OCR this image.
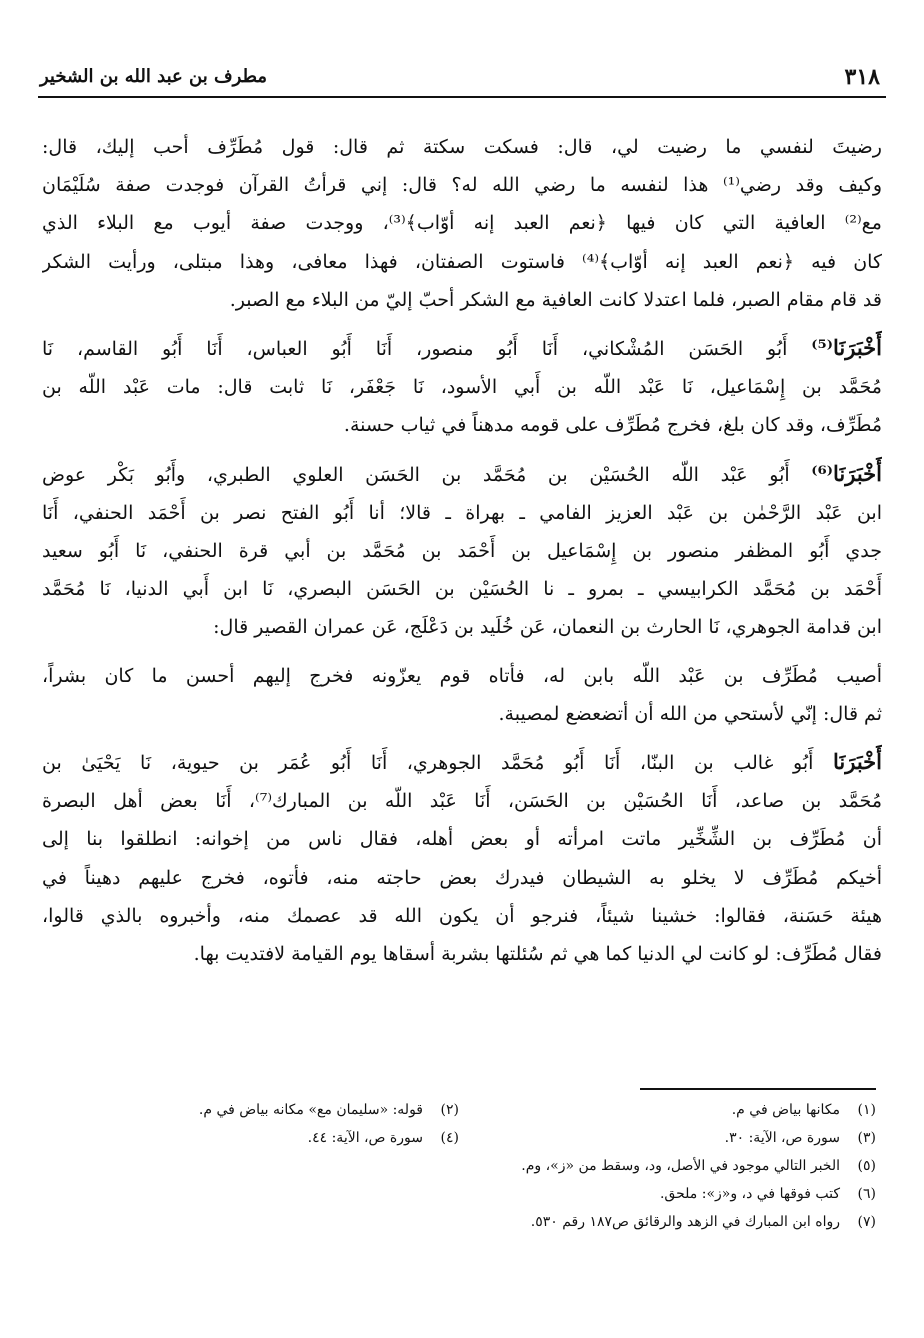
٣١٨
مطرف بن عبد الله بن الشخير
رضيتَ لنفسي ما رضيت لي، قال: فسكت سكتة ثم قال: قول مُطَرِّف أحب إليك، قال:
وكيف وقد رضي⁽¹⁾ هذا لنفسه ما رضي الله له؟ قال: إني قرأتُ القرآن فوجدت صفة سُلَيْمَان
مع⁽²⁾ العافية التي كان فيها ﴿نعم العبد إنه أوّاب﴾⁽³⁾، ووجدت صفة أيوب مع البلاء الذي
كان فيه ﴿نعم العبد إنه أوّاب﴾⁽⁴⁾ فاستوت الصفتان، فهذا معافى، وهذا مبتلى، ورأيت الشكر
قد قام مقام الصبر، فلما اعتدلا كانت العافية مع الشكر أحبّ إليّ من البلاء مع الصبر.
أَخْبَرَنَا⁽⁵⁾ أَبُو الحَسَن المُشْكاني، أَنَا أَبُو منصور، أَنَا أَبُو العباس، أَنَا أَبُو القاسم، نَا
مُحَمَّد بن إِسْمَاعيل، نَا عَبْد اللّه بن أَبي الأسود، نَا جَعْفَر، نَا ثابت قال: مات عَبْد اللّه بن
مُطَرِّف، وقد كان بلغ، فخرج مُطَرِّف على قومه مدهناً في ثياب حسنة.
أَخْبَرَنَا⁽⁶⁾ أَبُو عَبْد اللّه الحُسَيْن بن مُحَمَّد بن الحَسَن العلوي الطبري، وأَبُو بَكْر عوض
ابن عَبْد الرَّحْمٰن بن عَبْد العزيز الفامي ـ بهراة ـ قالا؛ أنا أَبُو الفتح نصر بن أَحْمَد الحنفي، أَنَا
جدي أَبُو المظفر منصور بن إِسْمَاعيل بن أَحْمَد بن مُحَمَّد بن أبي قرة الحنفي، نَا أَبُو سعيد
أَحْمَد بن مُحَمَّد الكرابيسي ـ بمرو ـ نا الحُسَيْن بن الحَسَن البصري، نَا ابن أَبي الدنيا، نَا مُحَمَّد
ابن قدامة الجوهري، نَا الحارث بن النعمان، عَن خُلَيد بن دَعْلَج، عَن عمران القصير قال:
أصيب مُطَرِّف بن عَبْد اللّه بابن له، فأتاه قوم يعزّونه فخرج إليهم أحسن ما كان بشراً،
ثم قال: إنّي لأستحي من الله أن أتضعضع لمصيبة.
أَخْبَرَنَا أَبُو غالب بن البنّا، أَنَا أَبُو مُحَمَّد الجوهري، أَنَا أَبُو عُمَر بن حيوية، نَا يَحْيَىٰ بن
مُحَمَّد بن صاعد، أَنَا الحُسَيْن بن الحَسَن، أَنَا عَبْد اللّه بن المبارك⁽⁷⁾، أَنَا بعض أهل البصرة
أن مُطَرِّف بن الشِّخِّير ماتت امرأته أو بعض أهله، فقال ناس من إخوانه: انطلقوا بنا إلى
أخيكم مُطَرِّف لا يخلو به الشيطان فيدرك بعض حاجته منه، فأتوه، فخرج عليهم دهيناً في
هيئة حَسَنة، فقالوا: خشينا شيئاً، فنرجو أن يكون الله قد عصمك منه، وأخبروه بالذي قالوا،
فقال مُطَرِّف: لو كانت لي الدنيا كما هي ثم سُئلتها بشربة أسقاها يوم القيامة لافتديت بها.
(١)مكانها بياض في م.
(٢)قوله: «سليمان مع» مكانه بياض في م.
(٣)سورة ص، الآية: ٣٠.
(٤)سورة ص، الآية: ٤٤.
(٥)الخبر التالي موجود في الأصل، ود، وسقط من «ز»، وم.
(٦)كتب فوقها في د، و«ز»: ملحق.
(٧)رواه ابن المبارك في الزهد والرقائق ص١٨٧ رقم ٥٣٠.
